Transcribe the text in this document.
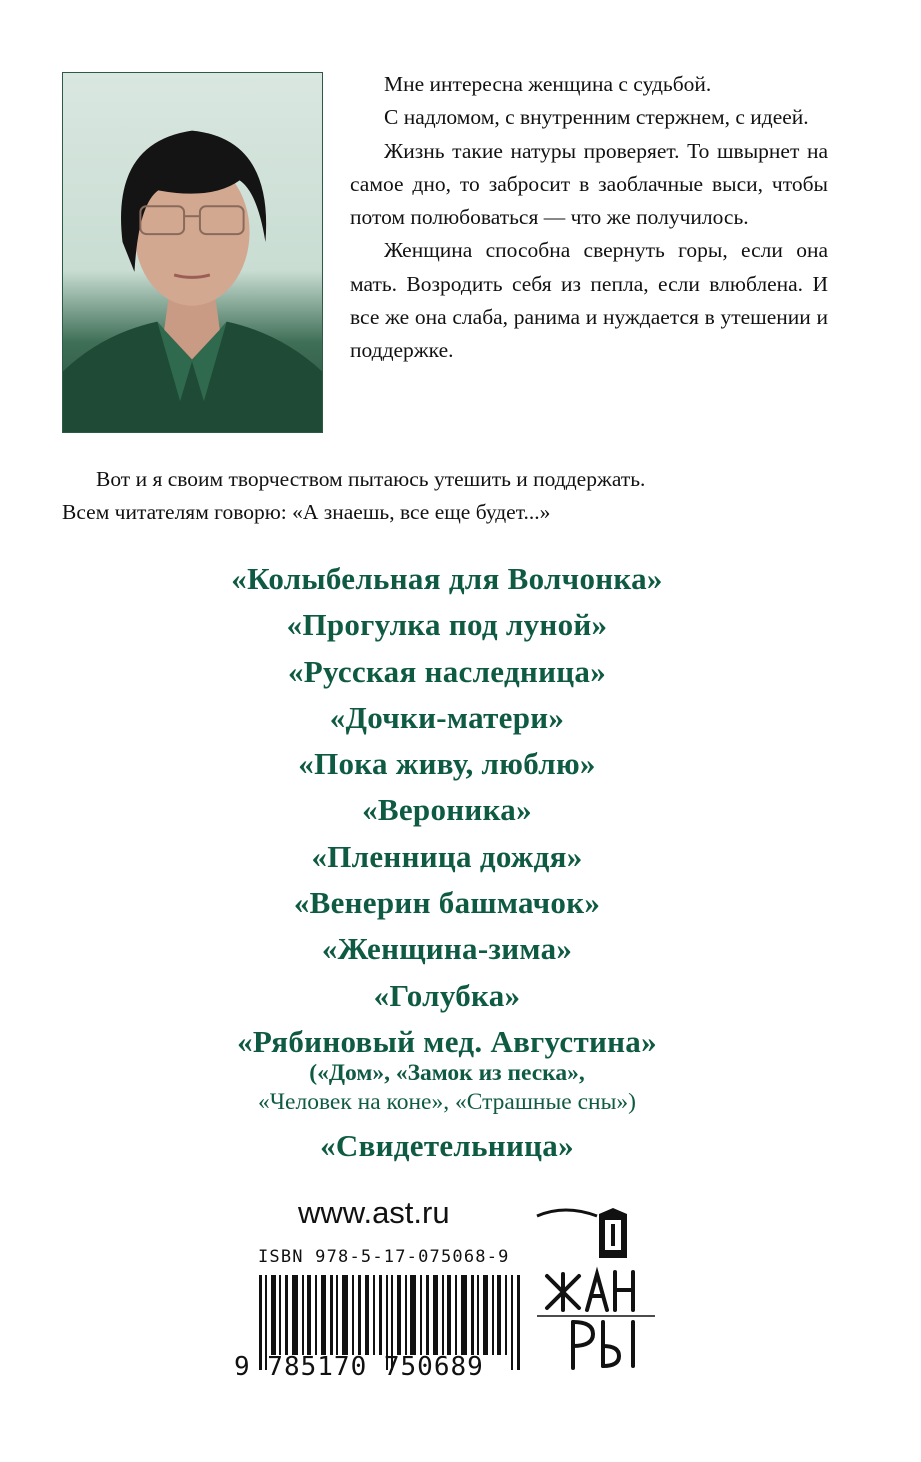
Мне интересна женщина с судьбой.

С надломом, с внутренним стержнем, с идеей.

Жизнь такие натуры проверяет. То швырнет на самое дно, то забросит в заоблачные выси, чтобы потом полюбоваться — что же получилось.

Женщина способна свернуть горы, если она мать. Возродить себя из пепла, если влюблена. И все же она слаба, ранима и нуждается в утешении и поддержке.

Вот и я своим творчеством пытаюсь утешить и поддержать.

Всем читателям говорю: «А знаешь, все еще будет...»

«Колыбельная для Волчонка»
«Прогулка под луной»
«Русская наследница»
«Дочки-матери»
«Пока живу, люблю»
«Вероника»
«Пленница дождя»
«Венерин башмачок»
«Женщина-зима»
«Голубка»
«Рябиновый мед. Августина»
(«Дом», «Замок из песка»,
«Человек на коне», «Страшные сны»)
«Свидетельница»
www.ast.ru
ISBN 978-5-17-075068-9
9 785170 750689
